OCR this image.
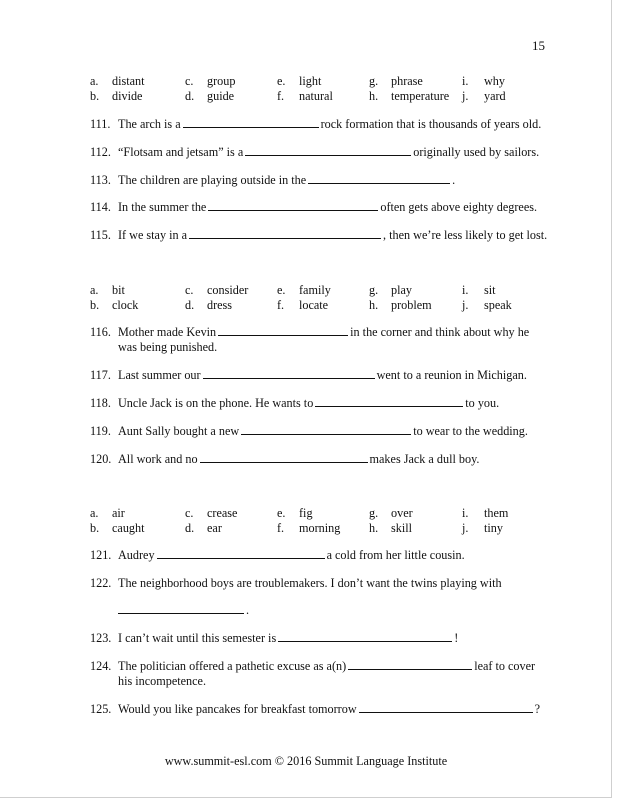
15
a. distant	c. group	e. light	g. phrase	i. why
b. divide	d. guide	f. natural	h. temperature j. yard
111. The arch is a	rock formation that is thousands of years old.
112. “Flotsam and jetsam” is a	originally used by sailors.
113. The children are playing outside in the	.
114. In the summer the	often gets above eighty degrees.
115. If we stay in a	, then we’re less likely to get lost.
a. bit	c. consider e. family	g. play	i. sit
b. clock	d. dress	f. locate	h. problem j. speak
116. Mother made Kevin	in the corner and think about why he
was being punished.
117. Last summer our	went to a reunion in Michigan.
118. Uncle Jack is on the phone. He wants to	to you.
119. Aunt Sally bought a new	to wear to the wedding.
120. All work and no	makes Jack a dull boy.
a. air	c. crease	e. fig	g. over	i. them
b. caught	d. ear	f. morning h. skill	j. tiny
121. Audrey	a cold from her little cousin.
122. The neighborhood boys are troublemakers. I don’t want the twins playing with
.
123. I can’t wait until this semester is	!
124. The politician offered a pathetic excuse as a(n)	leaf to cover
his incompetence.
125. Would you like pancakes for breakfast tomorrow	?
www.summit-esl.com © 2016 Summit Language Institute
